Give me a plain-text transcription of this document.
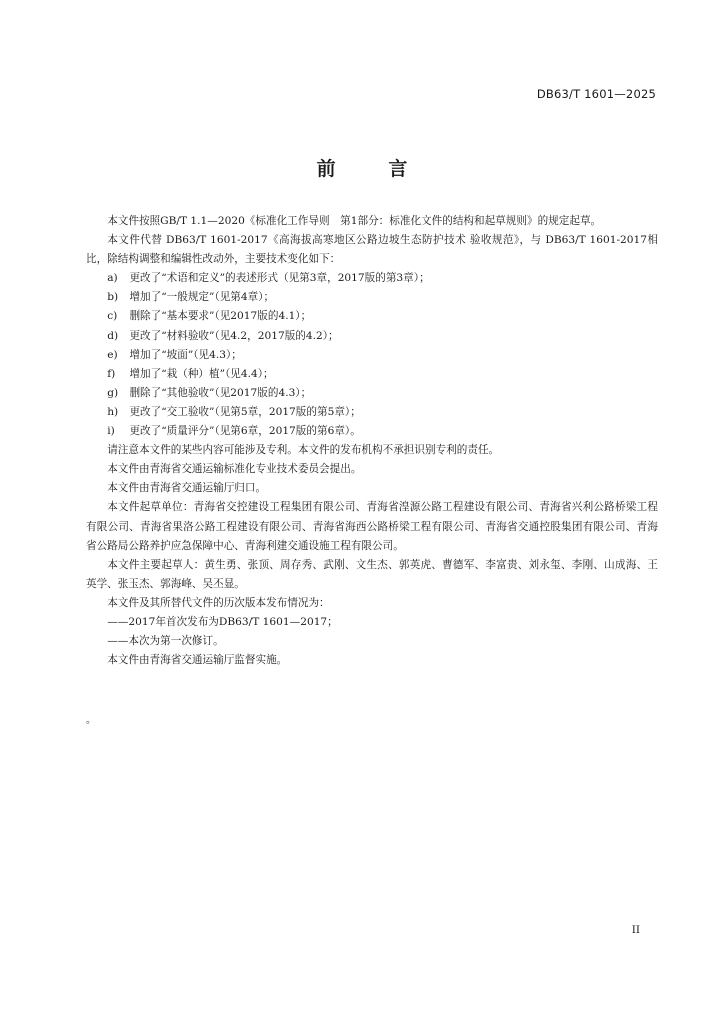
DB63/T 1601—2025
前	言

本文件按照GB/T 1.1—2020《标准化工作导则　第1部分：标准化文件的结构和起草规则》的规定起草。

本文件代替 DB63/T 1601-2017《高海拔高寒地区公路边坡生态防护技术 验收规范》，与 DB63/T 1601-2017相比，除结构调整和编辑性改动外，主要技术变化如下：

a) 更改了“术语和定义”的表述形式（见第3章，2017版的第3章）；

b) 增加了“一般规定”（见第4章）；

c) 删除了“基本要求”（见2017版的4.1）；

d) 更改了“材料验收”（见4.2，2017版的4.2）；

e) 增加了“坡面”（见4.3）；

f) 增加了“栽（种）植”（见4.4）；

g) 删除了“其他验收”（见2017版的4.3）；

h) 更改了“交工验收”（见第5章，2017版的第5章）；

i) 更改了“质量评分”（见第6章，2017版的第6章）。

请注意本文件的某些内容可能涉及专利。本文件的发布机构不承担识别专利的责任。

本文件由青海省交通运输标准化专业技术委员会提出。

本文件由青海省交通运输厅归口。

本文件起草单位：青海省交控建设工程集团有限公司、青海省湟源公路工程建设有限公司、青海省兴利公路桥梁工程有限公司、青海省果洛公路工程建设有限公司、青海省海西公路桥梁工程有限公司、青海省交通控股集团有限公司、青海省公路局公路养护应急保障中心、青海利建交通设施工程有限公司。

本文件主要起草人：黄生勇、张顶、周存秀、武刚、文生杰、郭英虎、曹德军、李富贵、刘永玺、李刚、山成海、王英学、张玉杰、郭海峰、吴丕显。

本文件及其所替代文件的历次版本发布情况为：

——2017年首次发布为DB63/T 1601—2017；

——本次为第一次修订。

本文件由青海省交通运输厅监督实施。

。
II
